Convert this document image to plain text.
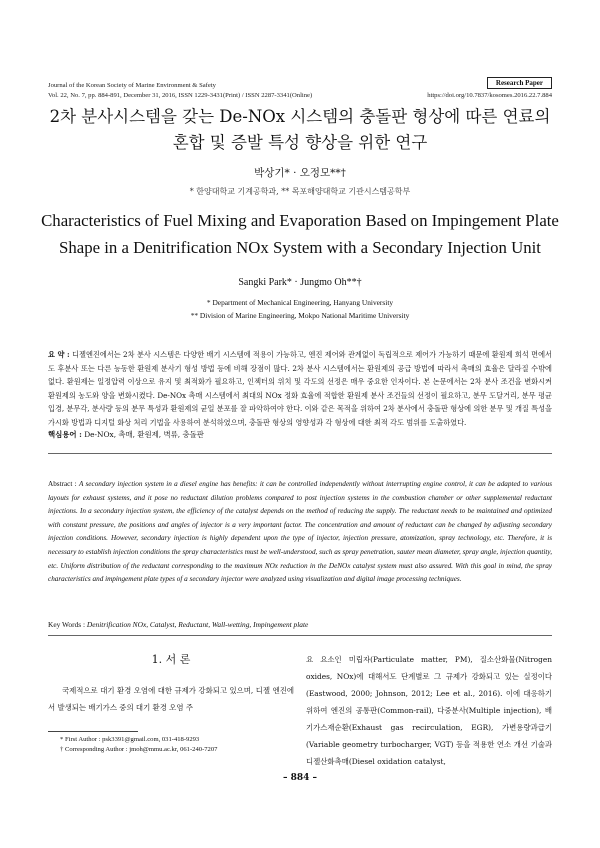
Journal of the Korean Society of Marine Environment & Safety
Vol. 22, No. 7, pp. 884-891, December 31, 2016, ISSN 1229-3431(Print) / ISSN 2287-3341(Online)	https://doi.org/10.7837/kosomes.2016.22.7.884
Research Paper
2차 분사시스템을 갖는 De-NOx 시스템의 충돌판 형상에 따른 연료의
혼합 및 증발 특성 향상을 위한 연구
박상기* · 오정모**†
* 한양대학교 기계공학과, ** 목포해양대학교 기관시스템공학부
Characteristics of Fuel Mixing and Evaporation Based on Impingement Plate
Shape in a Denitrification NOx System with a Secondary Injection Unit
Sangki Park* · Jungmo Oh**†
* Department of Mechanical Engineering, Hanyang University
** Division of Marine Engineering, Mokpo National Maritime University
요 약 : 디젤엔진에서는 2차 분사 시스템은 다양한 배기 시스템에 적용이 가능하고, 엔진 제어와 관계없이 독립적으로 제어가 가능하기 때문에 환원제 희석 면에서도 후분사 또는 다른 능동한 환원제 분사기 형성 방법 등에 비해 장점이 많다. 2차 분사 시스템에서는 환원제의 공급 방법에 따라서 촉매의 효율은 달라질 수밖에 없다. 환원제는 일정압력 이상으로 유지 및 최적화가 필요하고, 인젝터의 위치 및 각도의 선정은 매우 중요한 인자이다. 본 논문에서는 2차 분사 조건을 변화시켜 환원제의 농도와 양을 변화시켰다. De-NOx 촉매 시스템에서 최대의 NOx 정화 효율에 적합한 환원제 분사 조건들의 선정이 필요하고, 분무 도달거리, 분무 평균 입경, 분무각, 분사량 등의 분무 특성과 환원제의 균일 분포를 잘 파악하여야 한다. 이와 같은 목적을 위하여 2차 분사에서 충돌판 형상에 의한 분무 및 개질 특성을 가시화 방법과 디지털 화상 처리 기법을 사용하여 분석하였으며, 충돌판 형상의 영향성과 각 형상에 대한 최적 각도 범위를 도출하였다.
핵심용어 : De-NOx, 촉매, 환원제, 벽류, 충돌판
Abstract : A secondary injection system in a diesel engine has benefits: it can be controlled independently without interrupting engine control, it can be adapted to various layouts for exhaust systems, and it pose no reductant dilution problems compared to post injection systems in the combustion chamber or other supplemental reductant injections. In a secondary injection system, the efficiency of the catalyst depends on the method of reducing the supply. The reductant needs to be maintained and optimized with constant pressure, the positions and angles of injector is a very important factor. The concentration and amount of reductant can be changed by adjusting secondary injection conditions. However, secondary injection is highly dependent upon the type of injector, injection pressure, atomization, spray technology, etc. Therefore, it is necessary to establish injection conditions the spray characteristics must be well-understood, such as spray penetration, sauter mean diameter, spray angle, injection quantity, etc. Uniform distribution of the reductant corresponding to the maximum NOx reduction in the DeNOx catalyst system must also assured. With this goal in mind, the spray characteristics and impingement plate types of a secondary injector were analyzed using visualization and digital image processing techniques.
Key Words : Denitrification NOx, Catalyst, Reductant, Wall-wetting, Impingement plate
1. 서 론
국제적으로 대기 환경 오염에 대한 규제가 강화되고 있으며, 디젤 엔진에서 발생되는 배기가스 중의 대기 환경 오염 주
요 요소인 미립자(Particulate matter, PM), 질소산화물(Nitrogen oxides, NOx)에 대해서도 단계별로 그 규제가 강화되고 있는 실정이다(Eastwood, 2000; Johnson, 2012; Lee et al., 2016). 이에 대응하기 위하여 엔진의 공통판(Common-rail), 다중분사(Multiple injection), 배기가스재순환(Exhaust gas recirculation, EGR), 가변용량과급기(Variable geometry turbocharger, VGT) 등을 적용한 연소 개선 기술과 디젤산화촉매(Diesel oxidation catalyst,
* First Author : psk3391@gmail.com, 031-418-9293
† Corresponding Author : jmoh@mmu.ac.kr, 061-240-7207
– 884 –
